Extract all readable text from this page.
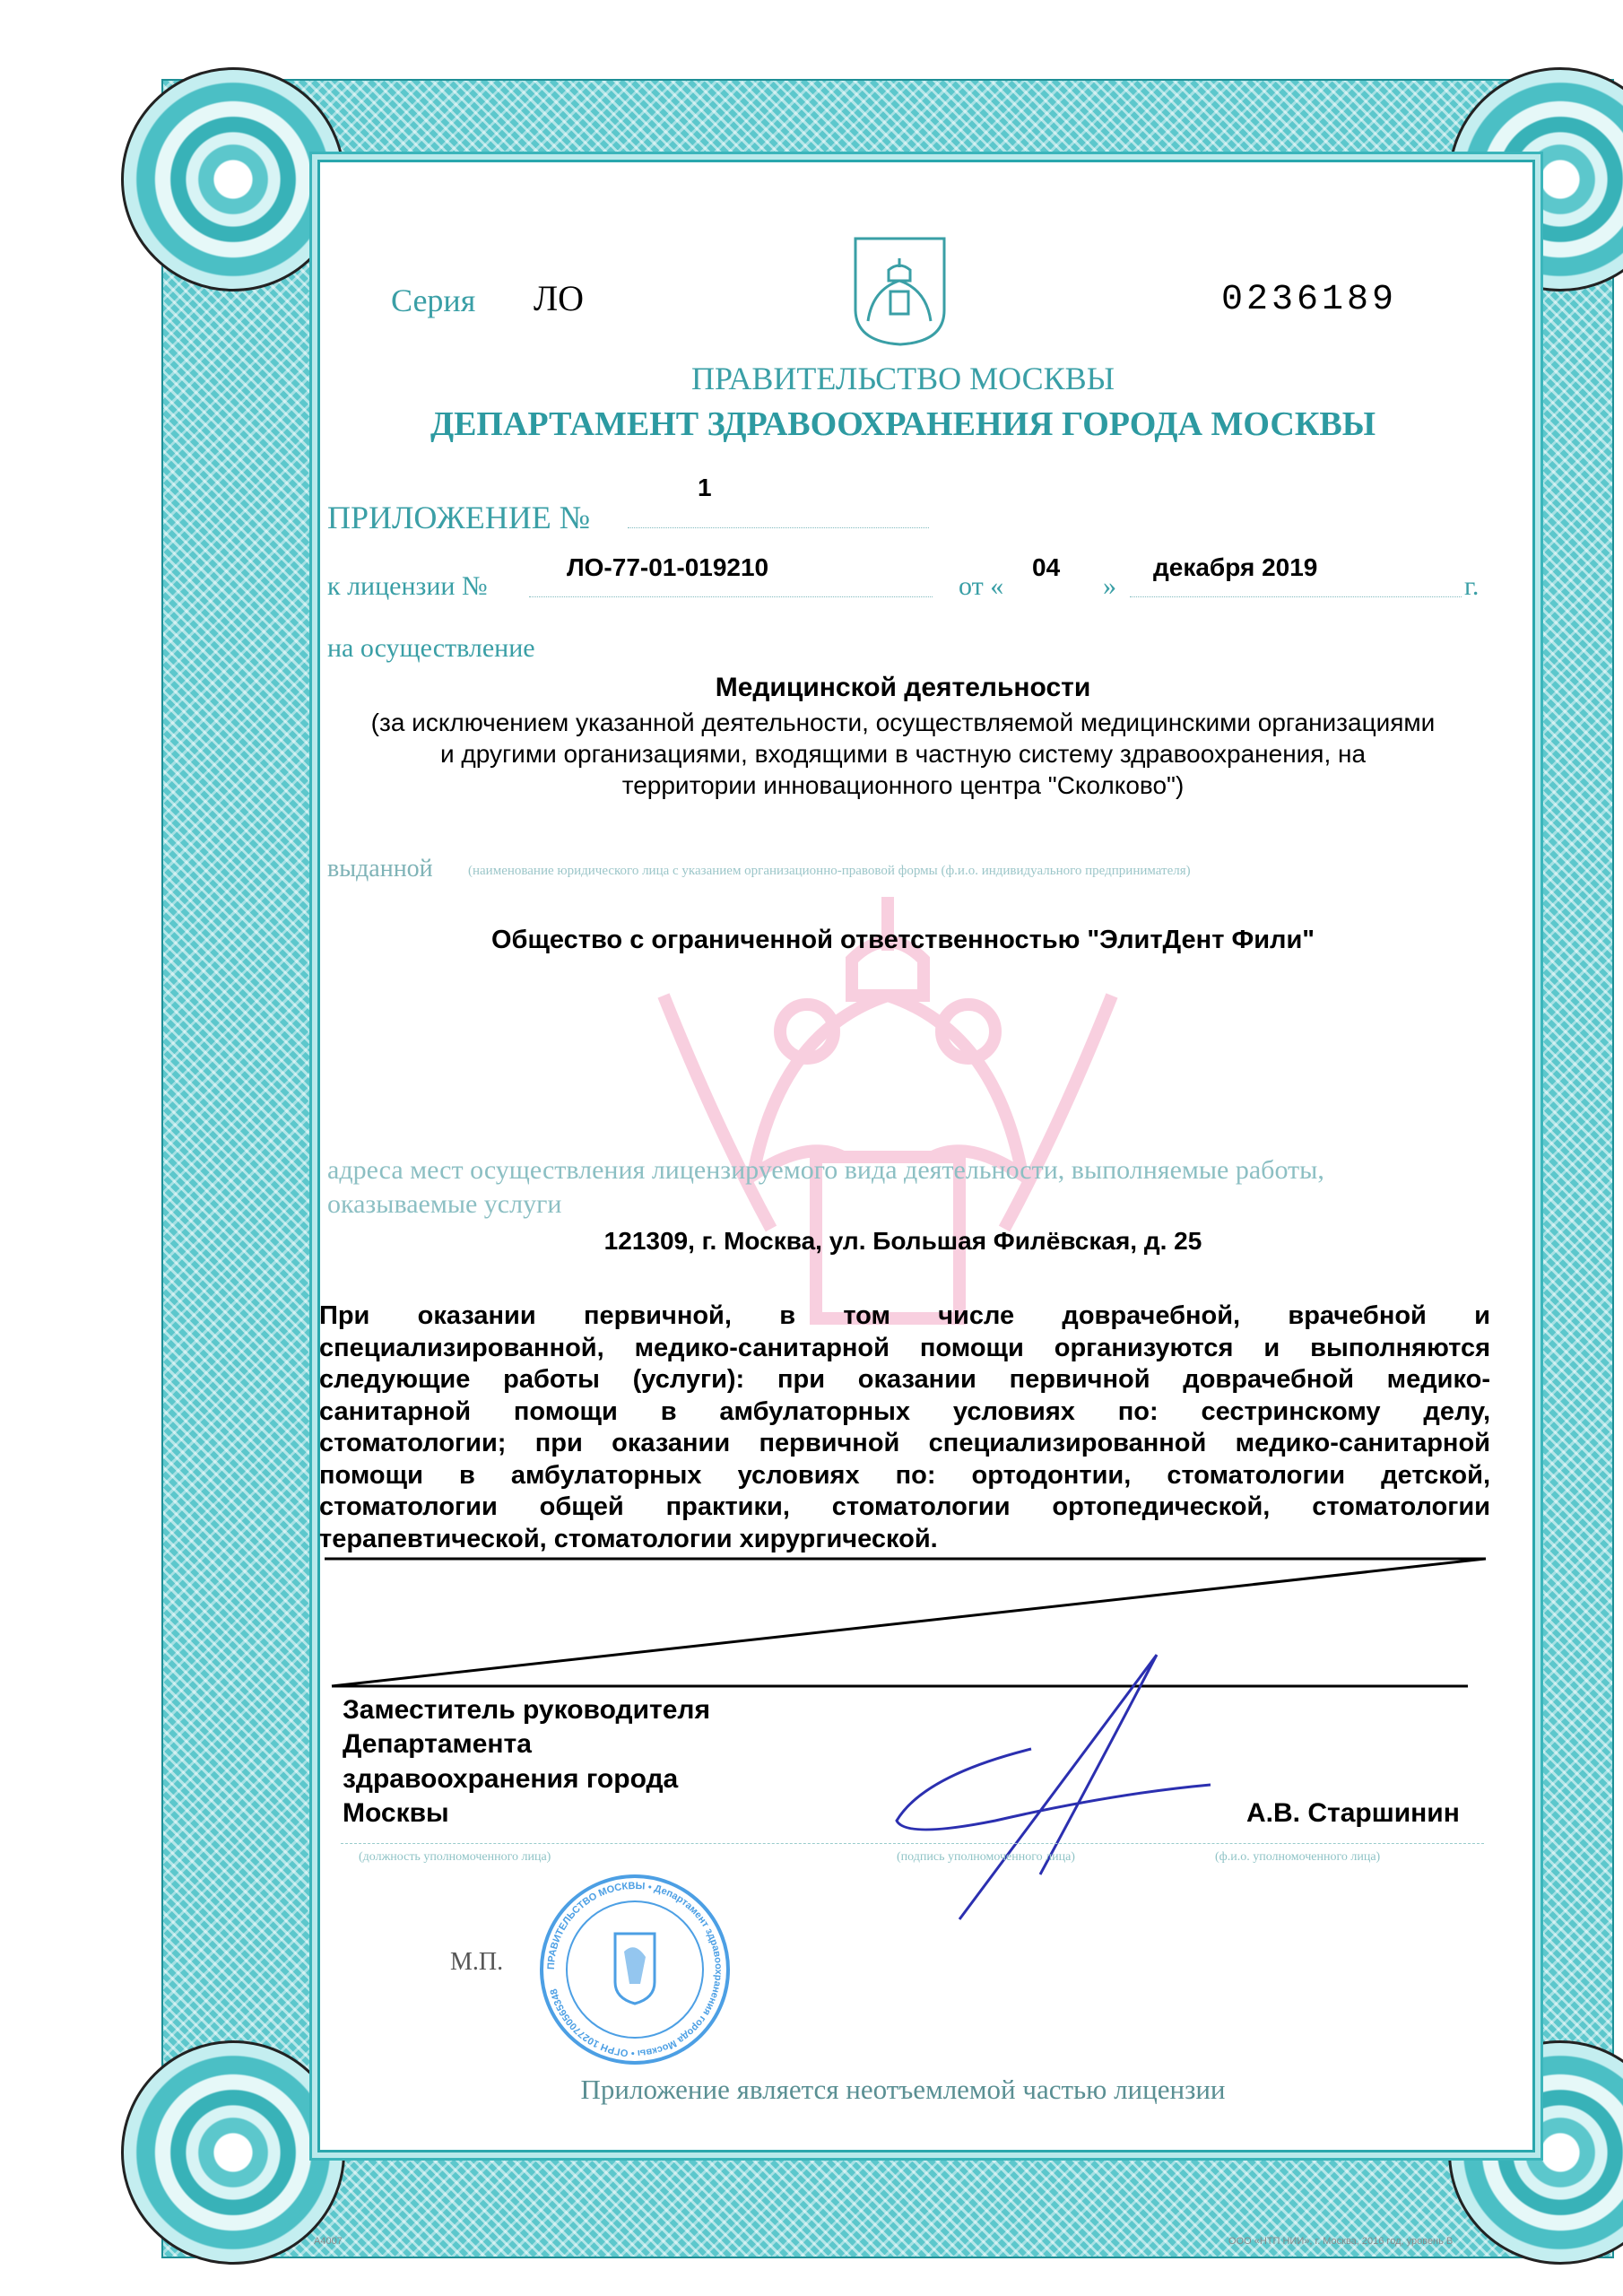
Серия ЛО	0236189
ПРАВИТЕЛЬСТВО МОСКВЫ
ДЕПАРТАМЕНТ ЗДРАВООХРАНЕНИЯ ГОРОДА МОСКВЫ
1
ПРИЛОЖЕНИЕ №
к лицензии №
ЛО-77-01-019210
от «
04
»
декабря 2019
г.
на осуществление
Медицинской деятельности
(за исключением указанной деятельности, осуществляемой медицинскими организациями
и другими организациями, входящими в частную систему здравоохранения, на
территории инновационного центра "Сколково")
выданной	(наименование юридического лица с указанием организационно-правовой формы (ф.и.о. индивидуального предпринимателя)
Общество с ограниченной ответственностью "ЭлитДент Фили"
адреса мест осуществления лицензируемого вида деятельности, выполняемые работы,
оказываемые услуги
121309, г. Москва, ул. Большая Филёвская, д. 25
При оказании первичной, в том числе доврачебной, врачебной и
специализированной, медико-санитарной помощи организуются и выполняются
следующие работы (услуги): при оказании первичной доврачебной медико-
санитарной помощи в амбулаторных условиях по: сестринскому делу,
стоматологии; при оказании первичной специализированной медико-санитарной
помощи в амбулаторных условиях по: ортодонтии, стоматологии детской,
стоматологии общей практики, стоматологии ортопедической, стоматологии
терапевтической, стоматологии хирургической.
ПРАВИТЕЛЬСТВО МОСКВЫ • Департамент здравоохранения города Москвы • ОГРН 1027700565348
Заместитель руководителя
Департамента
здравоохранения города
Москвы	А.В. Старшинин
(должность уполномоченного лица)	(подпись уполномоченного лица)	(ф.и.о. уполномоченного лица)
М.П.
Приложение является неотъемлемой частью лицензии
А4007	ООО «НТП НИИ», г. Москва, 2016 год, уровень В
